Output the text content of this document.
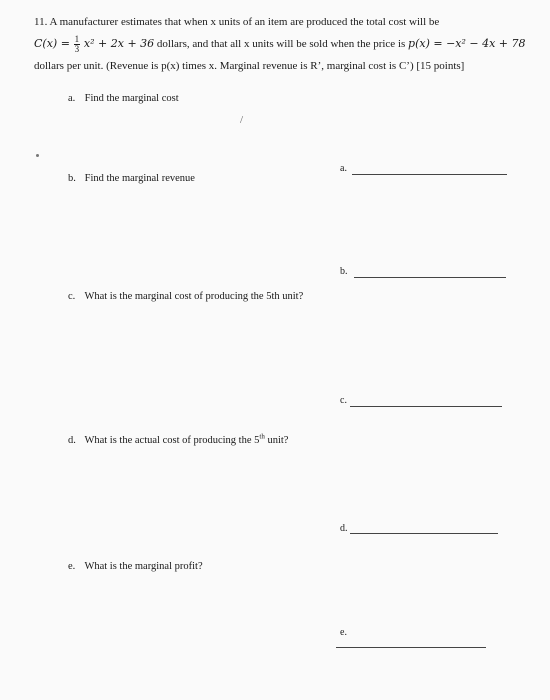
11. A manufacturer estimates that when x units of an item are produced the total cost will be
$C(x) = \frac{1}{3} x^2 + 2x + 36$ dollars, and that all x units will be sold when the price is p(x) = −x² − 4x + 78
dollars per unit. (Revenue is p(x) times x. Marginal revenue is R’, marginal cost is C’) [15 points]
a. Find the marginal cost
b. Find the marginal revenue
c. What is the marginal cost of producing the 5th unit?
d. What is the actual cost of producing the 5th unit?
e. What is the marginal profit?
a.
b.
c.
d.
e.
/
